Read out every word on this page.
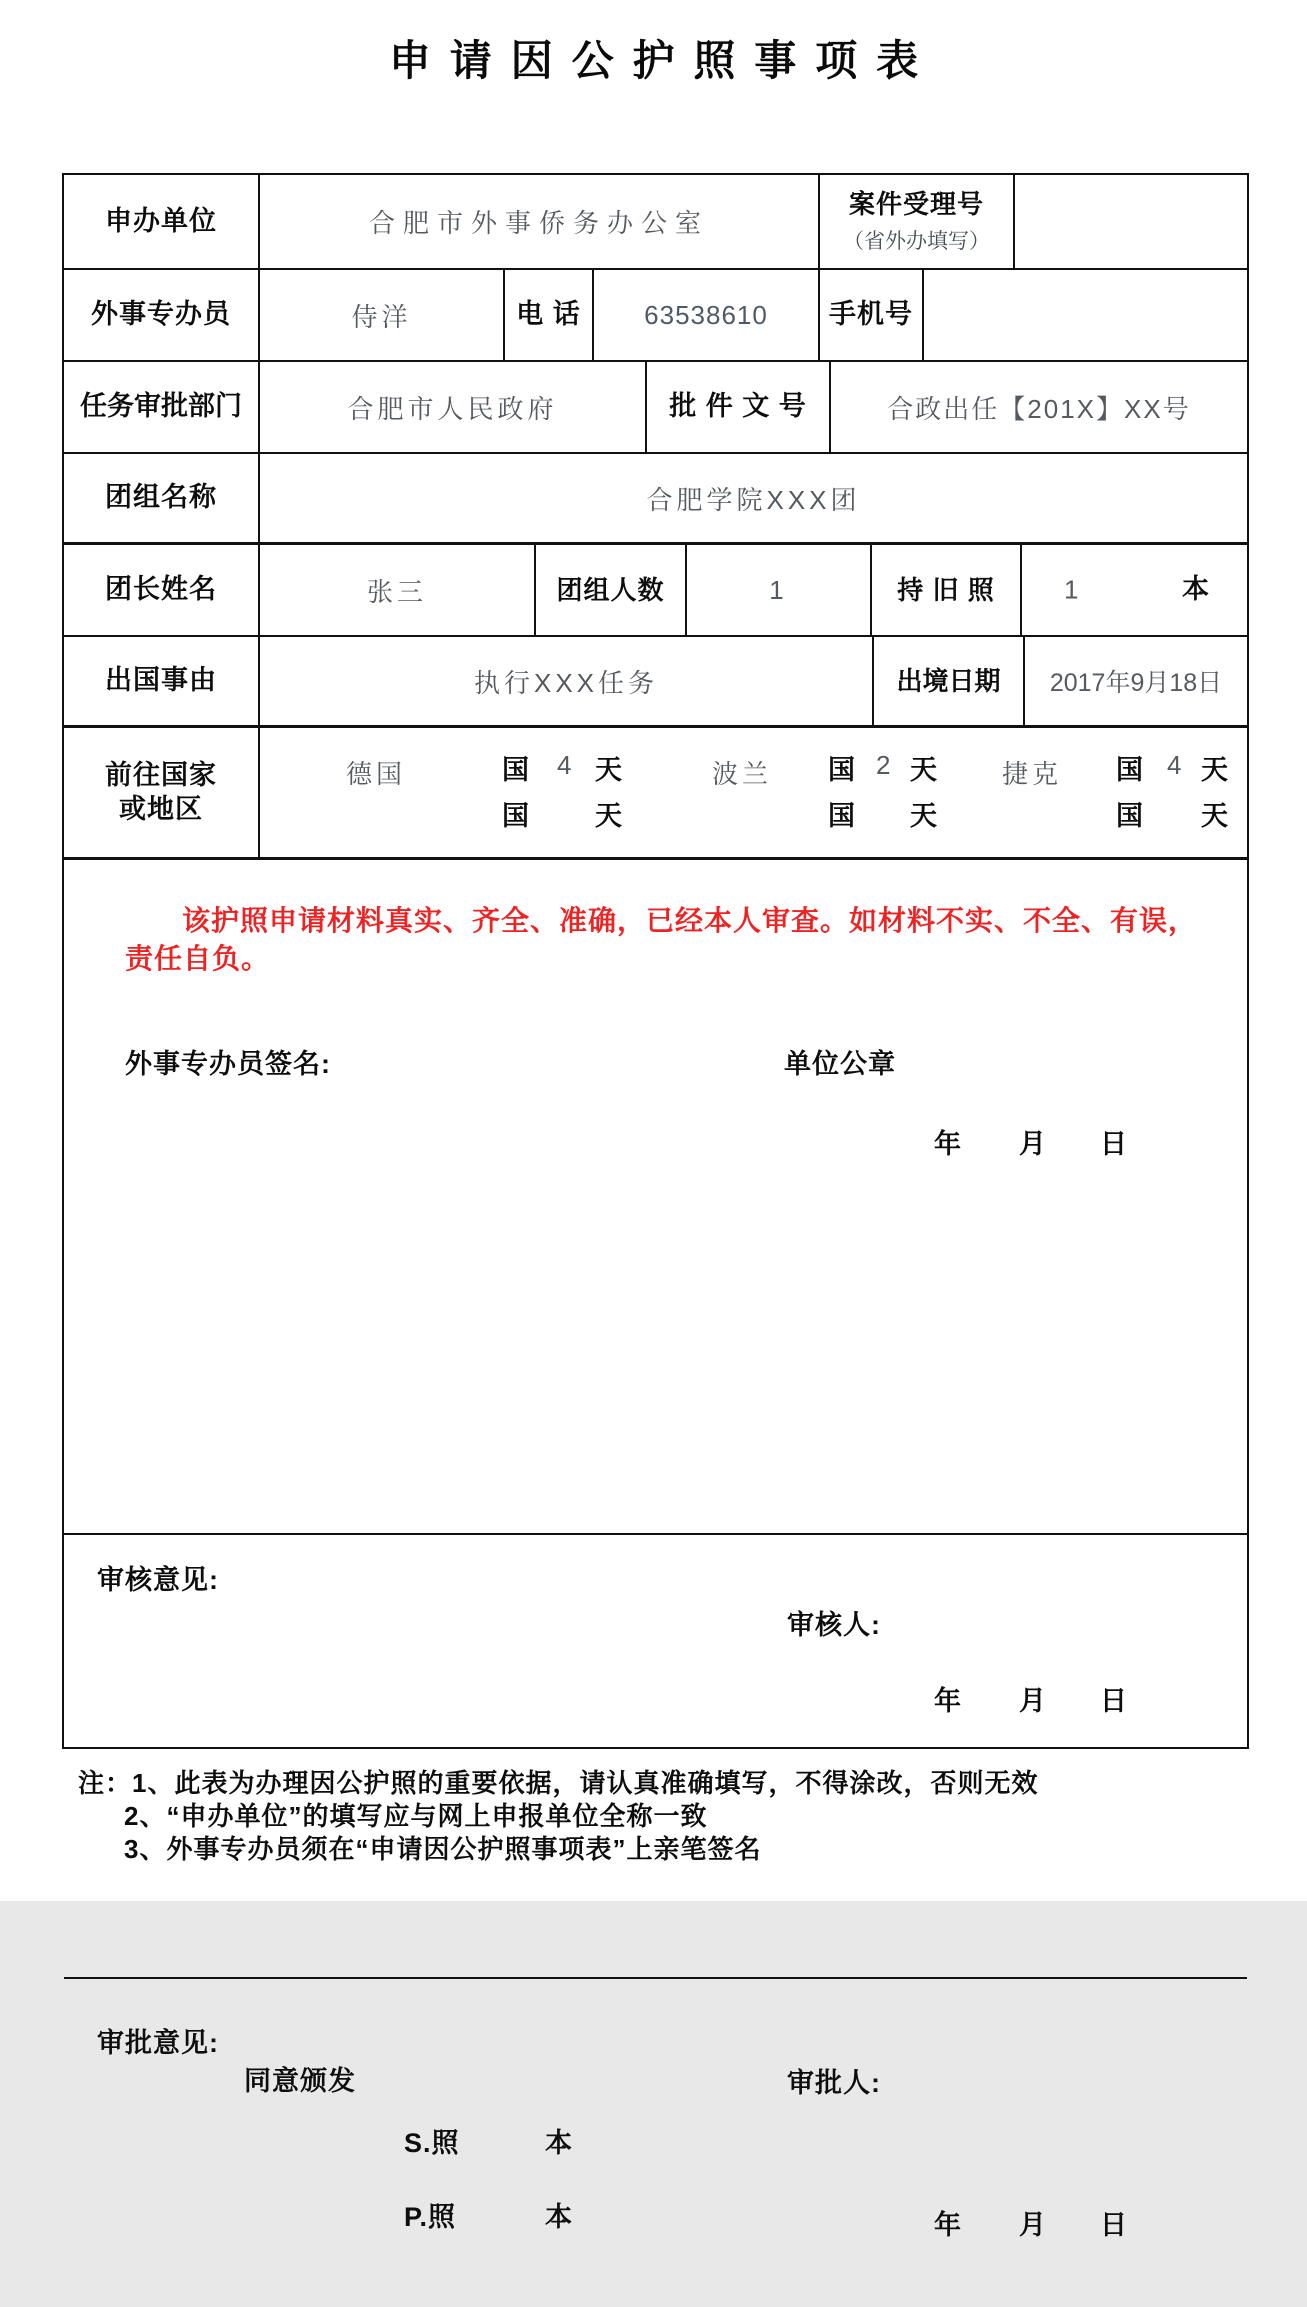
申请因公护照事项表
申办单位	合肥市外事侨务办公室
案件受理号
（省外办填写）
外事专办员	侍洋	电 话 63538610 手机号
任务审批部门	合肥市人民政府	批 件 文 号	合政出任【201X】XX号
团组名称	合肥学院XXX团
团长姓名	张三	团组人数	1	持 旧 照	1	本
出国事由	执行XXX任务	出境日期 2017年9月18日
前往国家
或地区
德国	国 4 天	波兰 国 2 天 捷克 国 4 天
国 天	国 天	国 天
该护照申请材料真实、齐全、准确，已经本人审查。如材料不实、不全、有误，
责任自负。
外事专办员签名:	单位公章
年 月 日
审核意见:
审核人:
年 月 日
审批意见:
同意颁发	审批人:
S.照	本
P.照	本	年 月 日
注：1、此表为办理因公护照的重要依据，请认真准确填写，不得涂改，否则无效
2、“申办单位”的填写应与网上申报单位全称一致
3、外事专办员须在“申请因公护照事项表”上亲笔签名
